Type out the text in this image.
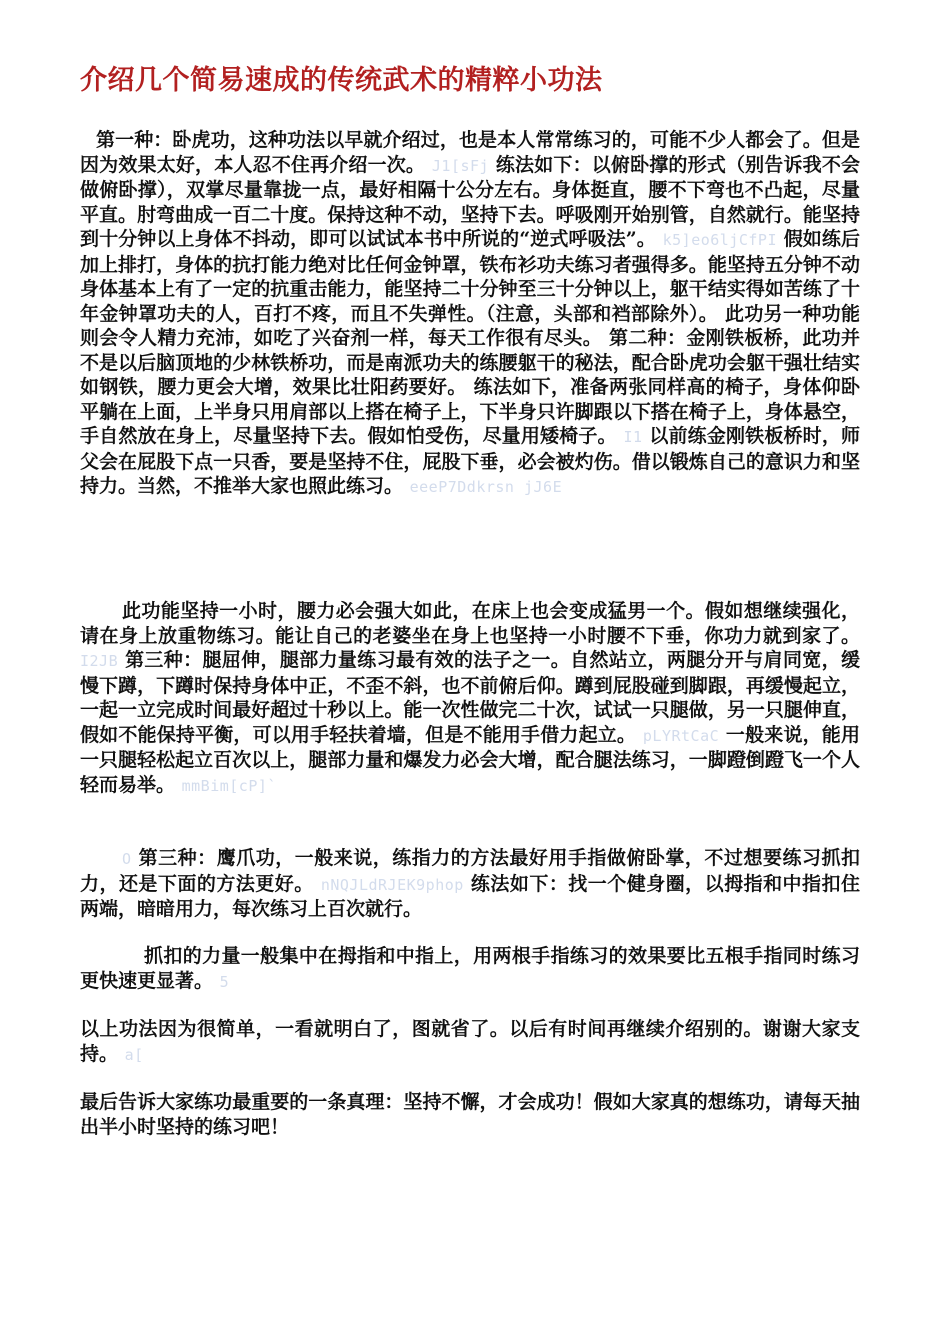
介绍几个简易速成的传统武术的精粹小功法

第一种：卧虎功，这种功法以早就介绍过，也是本人常常练习的，可能不少人都会了。但是因为效果太好，本人忍不住再介绍一次。 J1[sFj 练法如下：以俯卧撑的形式（别告诉我不会做俯卧撑），双掌尽量靠拢一点，最好相隔十公分左右。身体挺直，腰不下弯也不凸起，尽量平直。肘弯曲成一百二十度。保持这种不动，坚持下去。呼吸刚开始别管，自然就行。能坚持到十分钟以上身体不抖动，即可以试试本书中所说的“逆式呼吸法”。 k5]eo6ljCfPI 假如练后加上排打，身体的抗打能力绝对比任何金钟罩，铁布衫功夫练习者强得多。能坚持五分钟不动身体基本上有了一定的抗重击能力，能坚持二十分钟至三十分钟以上，躯干结实得如苦练了十年金钟罩功夫的人，百打不疼，而且不失弹性。（注意，头部和裆部除外）。 此功另一种功能则会令人精力充沛，如吃了兴奋剂一样，每天工作很有尽头。 第二种：金刚铁板桥，此功并不是以后脑顶地的少林铁桥功，而是南派功夫的练腰躯干的秘法，配合卧虎功会躯干强壮结实如钢铁，腰力更会大增，效果比壮阳药要好。 练法如下，准备两张同样高的椅子，身体仰卧平躺在上面，上半身只用肩部以上搭在椅子上，下半身只许脚跟以下搭在椅子上，身体悬空，手自然放在身上，尽量坚持下去。假如怕受伤，尽量用矮椅子。 I1 以前练金刚铁板桥时，师父会在屁股下点一只香，要是坚持不住，屁股下垂，必会被灼伤。借以锻炼自己的意识力和坚持力。当然，不推举大家也照此练习。 eeeP7Ddkrsn jJ6E

此功能坚持一小时，腰力必会强大如此，在床上也会变成猛男一个。假如想继续强化，请在身上放重物练习。能让自己的老婆坐在身上也坚持一小时腰不下垂，你功力就到家了。 I2JB 第三种：腿屈伸，腿部力量练习最有效的法子之一。自然站立，两腿分开与肩同宽，缓慢下蹲，下蹲时保持身体中正，不歪不斜，也不前俯后仰。蹲到屁股碰到脚跟，再缓慢起立，一起一立完成时间最好超过十秒以上。能一次性做完二十次，试试一只腿做，另一只腿伸直，假如不能保持平衡，可以用手轻扶着墙，但是不能用手借力起立。 pLYRtCaC 一般来说，能用一只腿轻松起立百次以上，腿部力量和爆发力必会大增，配合腿法练习，一脚蹬倒蹬飞一个人轻而易举。 mmBim[cP]`

O 第三种：鹰爪功，一般来说，练指力的方法最好用手指做俯卧掌，不过想要练习抓扣力，还是下面的方法更好。 nNQJLdRJEK9phop 练法如下：找一个健身圈，以拇指和中指扣住两端，暗暗用力，每次练习上百次就行。

抓扣的力量一般集中在拇指和中指上，用两根手指练习的效果要比五根手指同时练习更快速更显著。 5

以上功法因为很简单，一看就明白了，图就省了。以后有时间再继续介绍别的。谢谢大家支持。 a[

最后告诉大家练功最重要的一条真理：坚持不懈，才会成功！假如大家真的想练功，请每天抽出半小时坚持的练习吧！
